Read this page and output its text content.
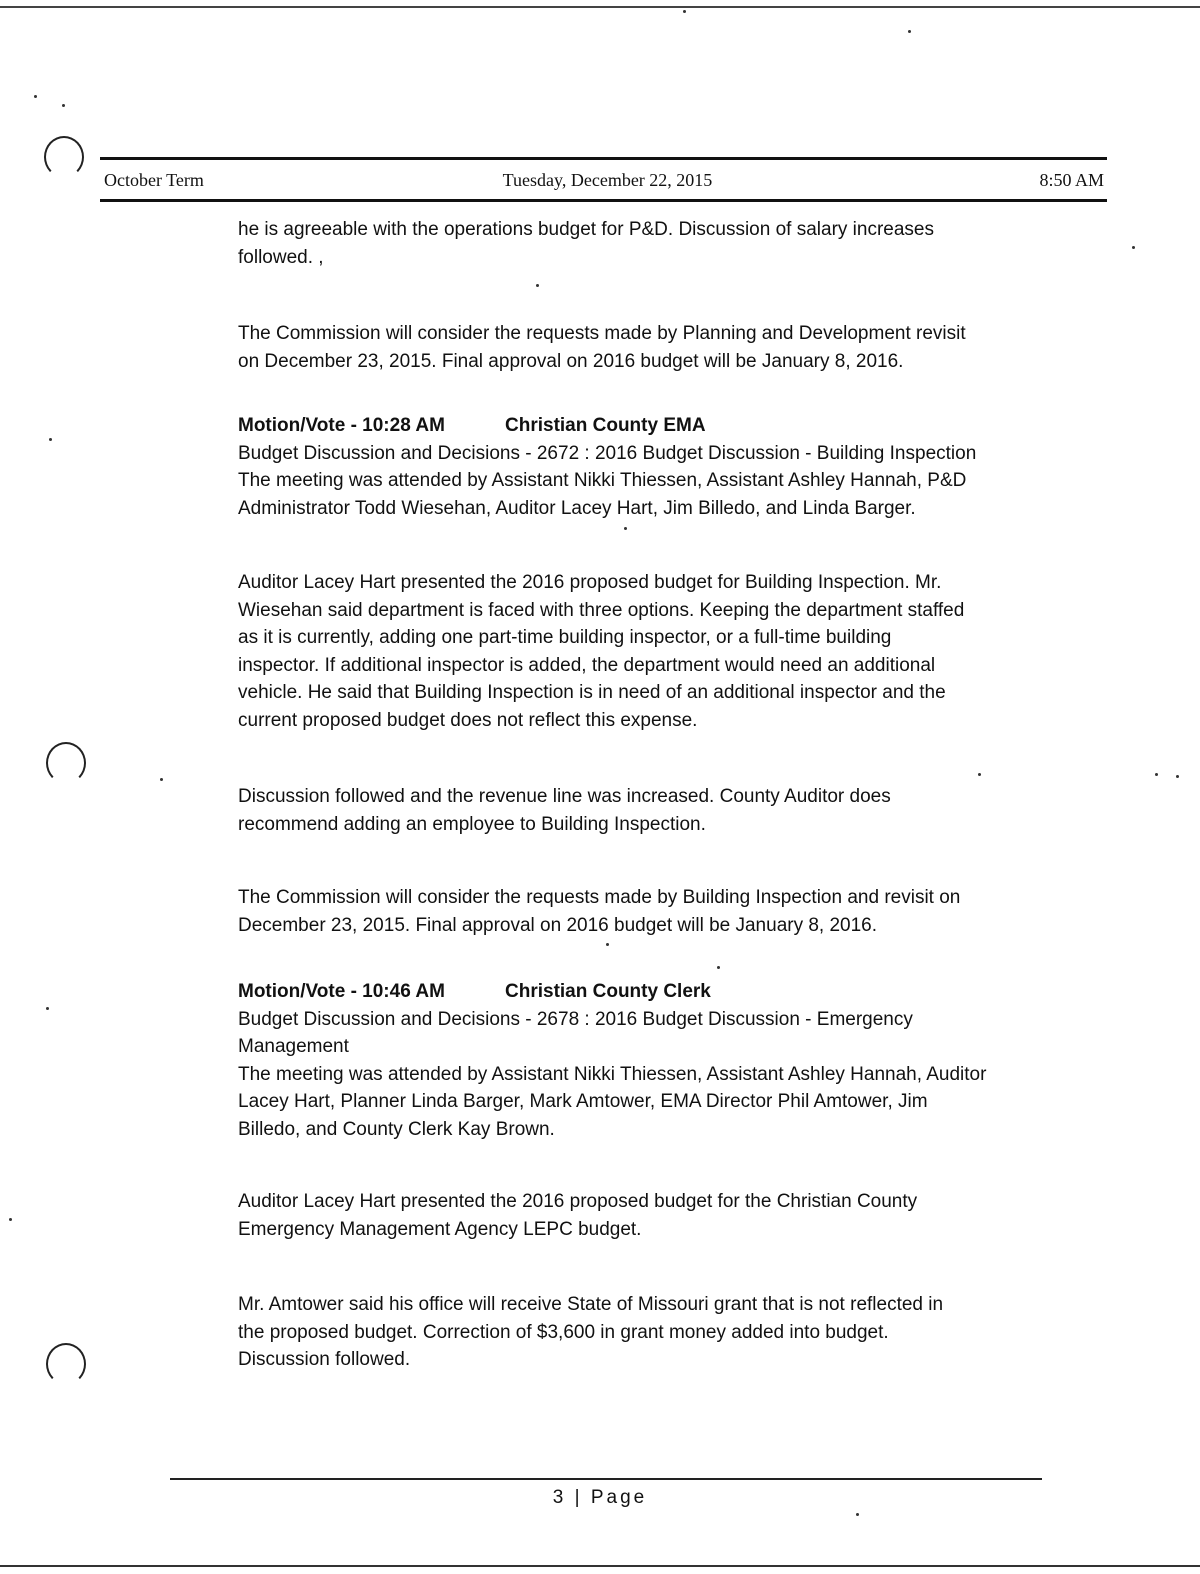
October Term	Tuesday, December 22, 2015	8:50 AM

he is agreeable with the operations budget for P&D. Discussion of salary increases
followed. ,

The Commission will consider the requests made by Planning and Development revisit
on December 23, 2015. Final approval on 2016 budget will be January 8, 2016.

Motion/Vote - 10:28 AM	Christian County EMA

Budget Discussion and Decisions - 2672 : 2016 Budget Discussion - Building Inspection
The meeting was attended by Assistant Nikki Thiessen, Assistant Ashley Hannah, P&D
Administrator Todd Wiesehan, Auditor Lacey Hart, Jim Billedo, and Linda Barger.

Auditor Lacey Hart presented the 2016 proposed budget for Building Inspection. Mr.
Wiesehan said department is faced with three options. Keeping the department staffed
as it is currently, adding one part-time building inspector, or a full-time building
inspector. If additional inspector is added, the department would need an additional
vehicle. He said that Building Inspection is in need of an additional inspector and the
current proposed budget does not reflect this expense.

Discussion followed and the revenue line was increased. County Auditor does
recommend adding an employee to Building Inspection.

The Commission will consider the requests made by Building Inspection and revisit on
December 23, 2015. Final approval on 2016 budget will be January 8, 2016.

Motion/Vote - 10:46 AM	Christian County Clerk

Budget Discussion and Decisions - 2678 : 2016 Budget Discussion - Emergency
Management
The meeting was attended by Assistant Nikki Thiessen, Assistant Ashley Hannah, Auditor
Lacey Hart, Planner Linda Barger, Mark Amtower, EMA Director Phil Amtower, Jim
Billedo, and County Clerk Kay Brown.

Auditor Lacey Hart presented the 2016 proposed budget for the Christian County
Emergency Management Agency LEPC budget.

Mr. Amtower said his office will receive State of Missouri grant that is not reflected in
the proposed budget. Correction of $3,600 in grant money added into budget.
Discussion followed.

3 | Page
